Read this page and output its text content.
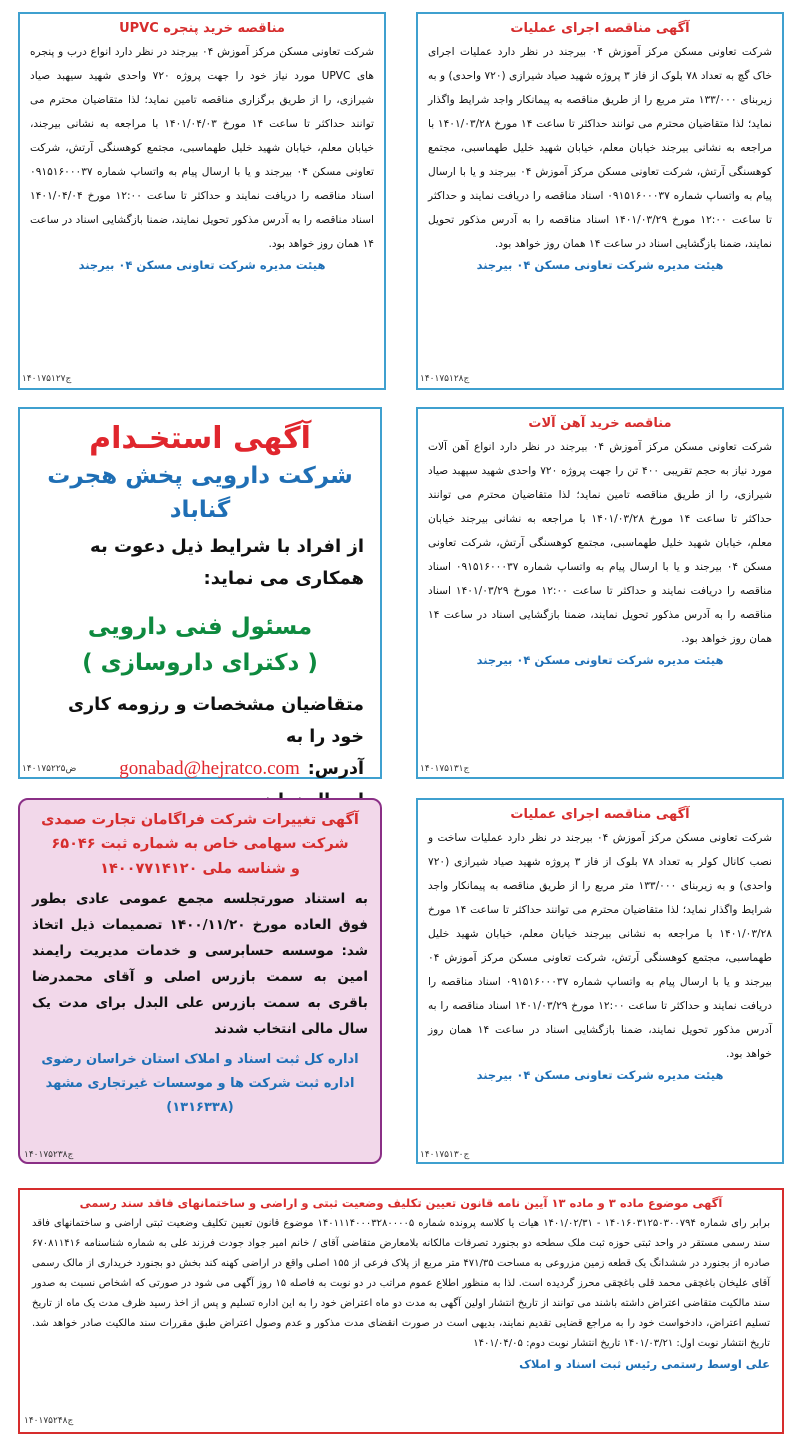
مناقصه خرید پنجره UPVC
شرکت تعاونی مسکن مرکز آموزش ۰۴ بیرجند در نظر دارد انواع درب و پنجره های UPVC مورد نیاز خود را جهت پروژه ۷۲۰ واحدی شهید سیهبد صیاد شیرازی، را از طریق برگزاری مناقصه تامین نماید؛ لذا متقاضیان محترم می توانند حداکثر تا ساعت ۱۴ مورخ ۱۴۰۱/۰۴/۰۳ با مراجعه به نشانی بیرجند، خیابان معلم، خیابان شهید خلیل طهماسبی، مجتمع کوهسنگی آرتش، شرکت تعاونی مسکن ۰۴ بیرجند و یا با ارسال پیام به واتساپ شماره ۰۹۱۵۱۶۰۰۰۳۷ اسناد مناقصه را دریافت نمایند و حداکثر تا ساعت ۱۲:۰۰ مورخ ۱۴۰۱/۰۴/۰۴ اسناد مناقصه را به آدرس مذکور تحویل نمایند، ضمنا بازگشایی اسناد در ساعت ۱۴ همان روز خواهد بود.
هیئت مدیره شرکت تعاونی مسکن ۰۴ بیرجند
ج۱۴۰۱۷۵۱۲۷
آگهی مناقصه اجرای عملیات
شرکت تعاونی مسکن مرکز آموزش ۰۴ بیرجند در نظر دارد عملیات اجرای خاک گچ به تعداد ۷۸ بلوک از فاز ۳ پروژه شهید صیاد شیرازی (۷۲۰ واحدی) و به زیربنای ۱۳۳/۰۰۰ متر مربع را از طریق مناقصه به پیمانکار واجد شرایط واگذار نماید؛ لذا متقاضیان محترم می توانند حداکثر تا ساعت ۱۴ مورخ ۱۴۰۱/۰۳/۲۸ با مراجعه به نشانی بیرجند خیابان معلم، خیابان شهید خلیل طهماسبی، مجتمع کوهسنگی آرتش، شرکت تعاونی مسکن مرکز آموزش ۰۴ بیرجند و یا با ارسال پیام به واتساپ شماره ۰۹۱۵۱۶۰۰۰۳۷ اسناد مناقصه را دریافت نمایند و حداکثر تا ساعت ۱۲:۰۰ مورخ ۱۴۰۱/۰۳/۲۹ اسناد مناقصه را به آدرس مذکور تحویل نمایند، ضمنا بازگشایی اسناد در ساعت ۱۴ همان روز خواهد بود.
هیئت مدیره شرکت تعاونی مسکن ۰۴ بیرجند
ج۱۴۰۱۷۵۱۲۸
آگهی استخـدام
شرکت دارویی پخش هجرت گناباد
از افراد با شرایط ذیل دعوت به همکاری می نماید:
مسئول فنی دارویی
( دکترای داروسازی )
متقاضیان مشخصات و رزومه کاری خود را به
آدرس:
gonabad@hejratco.com
ض۱۴۰۱۷۵۲۲۵
مناقصه خرید آهن آلات
شرکت تعاونی مسکن مرکز آموزش ۰۴ بیرجند در نظر دارد انواع آهن آلات مورد نیاز به حجم تقریبی ۴۰۰ تن را جهت پروژه ۷۲۰ واحدی شهید سپهبد صیاد شیرازی، را از طریق مناقصه تامین نماید؛ لذا متقاضیان محترم می توانند حداکثر تا ساعت ۱۴ مورخ ۱۴۰۱/۰۳/۲۸ با مراجعه به نشانی بیرجند خیابان معلم، خیابان شهید خلیل طهماسبی، مجتمع کوهسنگی آرتش، شرکت تعاونی مسکن ۰۴ بیرجند و یا با ارسال پیام به واتساپ شماره ۰۹۱۵۱۶۰۰۰۳۷ اسناد مناقصه را دریافت نمایند و حداکثر تا ساعت ۱۲:۰۰ مورخ ۱۴۰۱/۰۳/۲۹ اسناد مناقصه را به آدرس مذکور تحویل نمایند، ضمنا بازگشایی اسناد در ساعت ۱۴ همان روز خواهد بود.
هیئت مدیره شرکت تعاونی مسکن ۰۴ بیرجند
ج۱۴۰۱۷۵۱۳۱
آگهی تغییرات شرکت فراگامان تجارت صمدی
شرکت سهامی خاص به شماره ثبت ۶۵۰۴۶
و شناسه ملی ۱۴۰۰۷۷۱۴۱۲۰
به استناد صورتجلسه مجمع عمومی عادی بطور فوق العاده مورخ ۱۴۰۰/۱۱/۲۰ تصمیمات ذیل اتخاذ شد: موسسه حسابرسی و خدمات مدیریت رایمند امین به سمت بازرس اصلی و آقای محمدرضا باقری به سمت بازرس علی البدل برای مدت یک سال مالی انتخاب شدند
اداره کل ثبت اسناد و املاک استان خراسان رضوی
اداره ثبت شرکت ها و موسسات غیرتجاری مشهد
(۱۳۱۶۳۳۸)
ج۱۴۰۱۷۵۲۳۸
آگهی مناقصه اجرای عملیات
شرکت تعاونی مسکن مرکز آموزش ۰۴ بیرجند در نظر دارد عملیات ساخت و نصب کانال کولر به تعداد ۷۸ بلوک از فاز ۳ پروژه شهید صیاد شیرازی (۷۲۰ واحدی) و به زیربنای ۱۳۳/۰۰۰ متر مربع را از طریق مناقصه به پیمانکار واجد شرایط واگذار نماید؛ لذا متقاضیان محترم می توانند حداکثر تا ساعت ۱۴ مورخ ۱۴۰۱/۰۳/۲۸ با مراجعه به نشانی بیرجند خیابان معلم، خیابان شهید خلیل طهماسبی، مجتمع کوهسنگی آرتش، شرکت تعاونی مسکن مرکز آموزش ۰۴ بیرجند و یا با ارسال پیام به واتساپ شماره ۰۹۱۵۱۶۰۰۰۳۷ اسناد مناقصه را دریافت نمایند و حداکثر تا ساعت ۱۲:۰۰ مورخ ۱۴۰۱/۰۳/۲۹ اسناد مناقصه را به آدرس مذکور تحویل نمایند، ضمنا بازگشایی اسناد در ساعت ۱۴ همان روز خواهد بود.
هیئت مدیره شرکت تعاونی مسکن ۰۴ بیرجند
ج۱۴۰۱۷۵۱۳۰
آگهی موضوع ماده ۳ و ماده ۱۳ آیین نامه قانون تعیین تکلیف وضعیت ثبتی و اراضی و ساختمانهای فاقد سند رسمی
برابر رای شماره ۱۴۰۱۶۰۳۱۲۵۰۳۰۰۷۹۴ - ۱۴۰۱/۰۲/۳۱ هیات یا کلاسه پرونده شماره ۱۴۰۱۱۱۴۰۰۰۳۲۸۰۰۰۰۵ موضوع قانون تعیین تکلیف وضعیت ثبتی اراضی و ساختمانهای فاقد سند رسمی مستقر در واحد ثبتی حوزه ثبت ملک سطحه دو بجنورد تصرفات مالکانه بلامعارض متقاضی آقای / خانم امیر جواد جودت فرزند علی به شماره شناسنامه ۶۷۰۸۱۱۴۱۶ صادره از بجنورد در ششدانگ یک قطعه زمین مزروعی به مساحت ۴۷۱/۳۵ متر مربع از پلاک فرعی از ۱۵۵ اصلی واقع در اراضی کهنه کند بخش دو بجنورد خریداری از مالک رسمی آقای علیخان باغچقی محمد قلی باغچقی محرز گردیده است. لذا به منظور اطلاع عموم مراتب در دو نوبت به فاصله ۱۵ روز آگهی می شود در صورتی که اشخاص نسبت به صدور سند مالکیت متقاضی اعتراض داشته باشند می توانند از تاریخ انتشار اولین آگهی به مدت دو ماه اعتراض خود را به این اداره تسلیم و پس از اخذ رسید ظرف مدت یک ماه از تاریخ تسلیم اعتراض، دادخواست خود را به مراجع قضایی تقدیم نمایند، بدیهی است در صورت انقضای مدت مذکور و عدم وصول اعتراض طبق مقررات سند مالکیت صادر خواهد شد. تاریخ انتشار نوبت اول: ۱۴۰۱/۰۳/۲۱ تاریخ انتشار نوبت دوم: ۱۴۰۱/۰۴/۰۵
علی اوسط رستمی رئیس ثبت اسناد و املاک
ج۱۴۰۱۷۵۲۴۸
